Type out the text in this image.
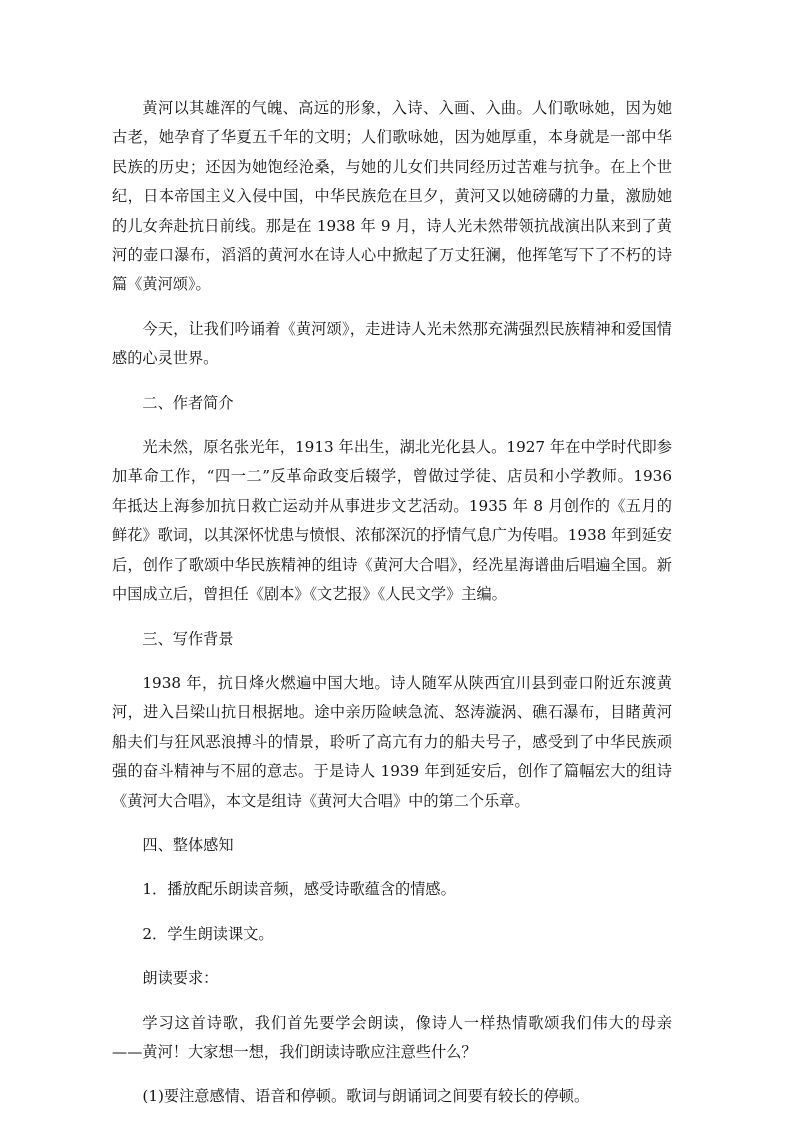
黄河以其雄浑的气魄、高远的形象，入诗、入画、入曲。人们歌咏她，因为她古老，她孕育了华夏五千年的文明；人们歌咏她，因为她厚重，本身就是一部中华民族的历史；还因为她饱经沧桑，与她的儿女们共同经历过苦难与抗争。在上个世纪，日本帝国主义入侵中国，中华民族危在旦夕，黄河又以她磅礴的力量，激励她的儿女奔赴抗日前线。那是在 1938 年 9 月，诗人光未然带领抗战演出队来到了黄河的壶口瀑布，滔滔的黄河水在诗人心中掀起了万丈狂澜，他挥笔写下了不朽的诗篇《黄河颂》。

今天，让我们吟诵着《黄河颂》，走进诗人光未然那充满强烈民族精神和爱国情感的心灵世界。

二、作者简介

光未然，原名张光年，1913 年出生，湖北光化县人。1927 年在中学时代即参加革命工作，“四一二”反革命政变后辍学，曾做过学徒、店员和小学教师。1936 年抵达上海参加抗日救亡运动并从事进步文艺活动。1935 年 8 月创作的《五月的鲜花》歌词，以其深怀忧患与愤恨、浓郁深沉的抒情气息广为传唱。1938 年到延安后，创作了歌颂中华民族精神的组诗《黄河大合唱》，经冼星海谱曲后唱遍全国。新中国成立后，曾担任《剧本》《文艺报》《人民文学》主编。

三、写作背景

1938 年，抗日烽火燃遍中国大地。诗人随军从陕西宜川县到壶口附近东渡黄河，进入吕梁山抗日根据地。途中亲历险峡急流、怒涛漩涡、礁石瀑布，目睹黄河船夫们与狂风恶浪搏斗的情景，聆听了高亢有力的船夫号子，感受到了中华民族顽强的奋斗精神与不屈的意志。于是诗人 1939 年到延安后，创作了篇幅宏大的组诗《黄河大合唱》，本文是组诗《黄河大合唱》中的第二个乐章。

四、整体感知

1．播放配乐朗读音频，感受诗歌蕴含的情感。

2．学生朗读课文。

朗读要求：

学习这首诗歌，我们首先要学会朗读，像诗人一样热情歌颂我们伟大的母亲——黄河！大家想一想，我们朗读诗歌应注意些什么？

(1)要注意感情、语音和停顿。歌词与朗诵词之间要有较长的停顿。
